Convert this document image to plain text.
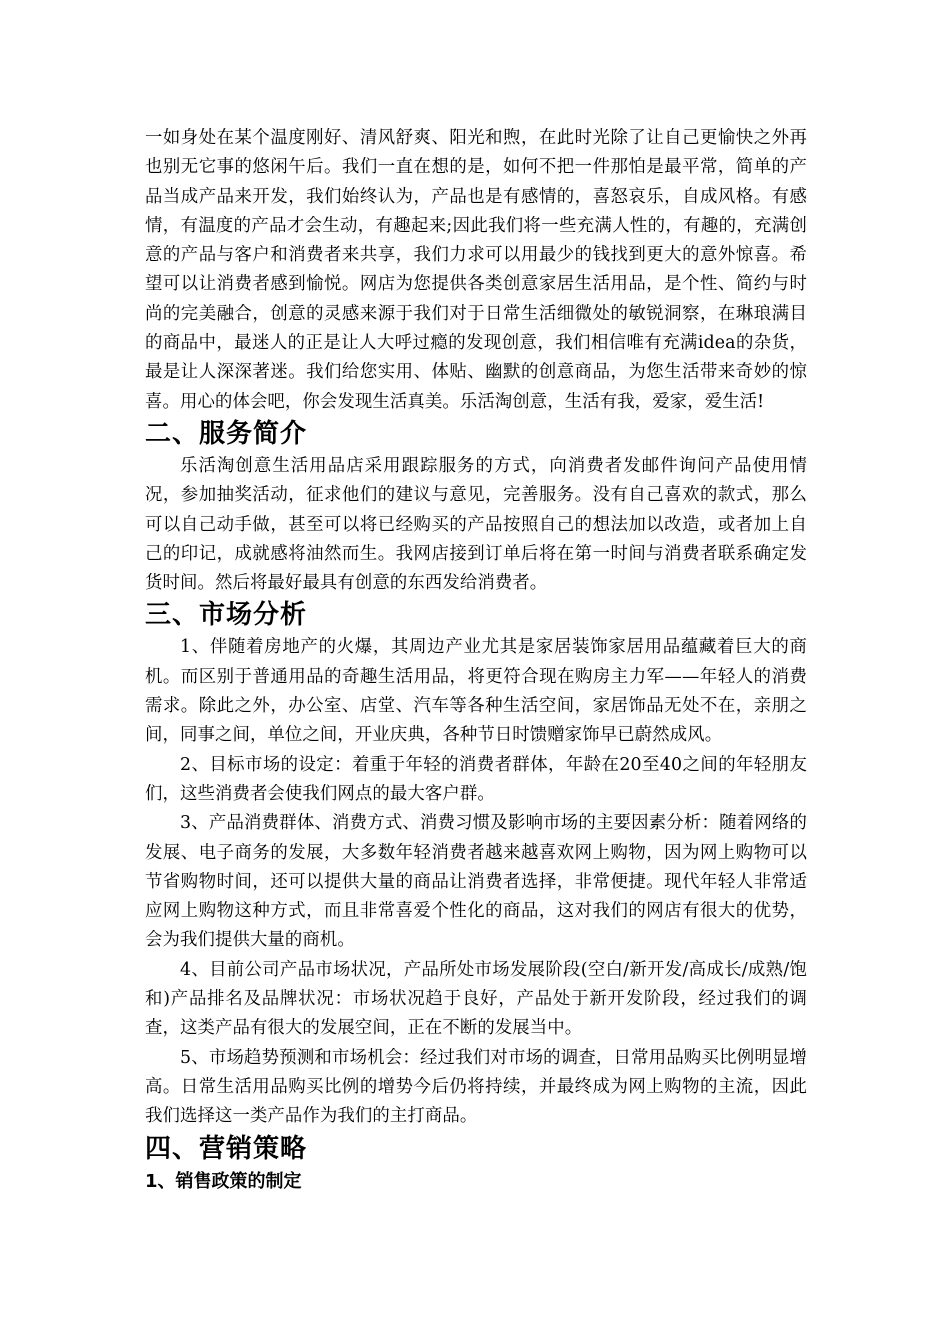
一如身处在某个温度刚好、清风舒爽、阳光和煦，在此时光除了让自己更愉快之外再也别无它事的悠闲午后。我们一直在想的是，如何不把一件那怕是最平常，简单的产品当成产品来开发，我们始终认为，产品也是有感情的，喜怒哀乐，自成风格。有感情，有温度的产品才会生动，有趣起来;因此我们将一些充满人性的，有趣的，充满创意的产品与客户和消费者来共享，我们力求可以用最少的钱找到更大的意外惊喜。希望可以让消费者感到愉悦。网店为您提供各类创意家居生活用品，是个性、简约与时尚的完美融合，创意的灵感来源于我们对于日常生活细微处的敏锐洞察，在琳琅满目的商品中，最迷人的正是让人大呼过瘾的发现创意，我们相信唯有充满idea的杂货，最是让人深深著迷。我们给您实用、体贴、幽默的创意商品，为您生活带来奇妙的惊喜。用心的体会吧，你会发现生活真美。乐活淘创意，生活有我，爱家，爱生活!

二、服务简介

乐活淘创意生活用品店采用跟踪服务的方式，向消费者发邮件询问产品使用情况，参加抽奖活动，征求他们的建议与意见，完善服务。没有自己喜欢的款式，那么可以自己动手做，甚至可以将已经购买的产品按照自己的想法加以改造，或者加上自己的印记，成就感将油然而生。我网店接到订单后将在第一时间与消费者联系确定发货时间。然后将最好最具有创意的东西发给消费者。

三、市场分析

1、伴随着房地产的火爆，其周边产业尤其是家居装饰家居用品蕴藏着巨大的商机。而区别于普通用品的奇趣生活用品，将更符合现在购房主力军——年轻人的消费需求。除此之外，办公室、店堂、汽车等各种生活空间，家居饰品无处不在，亲朋之间，同事之间，单位之间，开业庆典，各种节日时馈赠家饰早已蔚然成风。

2、目标市场的设定：着重于年轻的消费者群体，年龄在20至40之间的年轻朋友们，这些消费者会使我们网点的最大客户群。

3、产品消费群体、消费方式、消费习惯及影响市场的主要因素分析：随着网络的发展、电子商务的发展，大多数年轻消费者越来越喜欢网上购物，因为网上购物可以节省购物时间，还可以提供大量的商品让消费者选择，非常便捷。现代年轻人非常适应网上购物这种方式，而且非常喜爱个性化的商品，这对我们的网店有很大的优势，会为我们提供大量的商机。

4、目前公司产品市场状况，产品所处市场发展阶段(空白/新开发/高成长/成熟/饱和)产品排名及品牌状况：市场状况趋于良好，产品处于新开发阶段，经过我们的调查，这类产品有很大的发展空间，正在不断的发展当中。

5、市场趋势预测和市场机会：经过我们对市场的调查，日常用品购买比例明显增高。日常生活用品购买比例的增势今后仍将持续，并最终成为网上购物的主流，因此我们选择这一类产品作为我们的主打商品。

四、营销策略
1、销售政策的制定
